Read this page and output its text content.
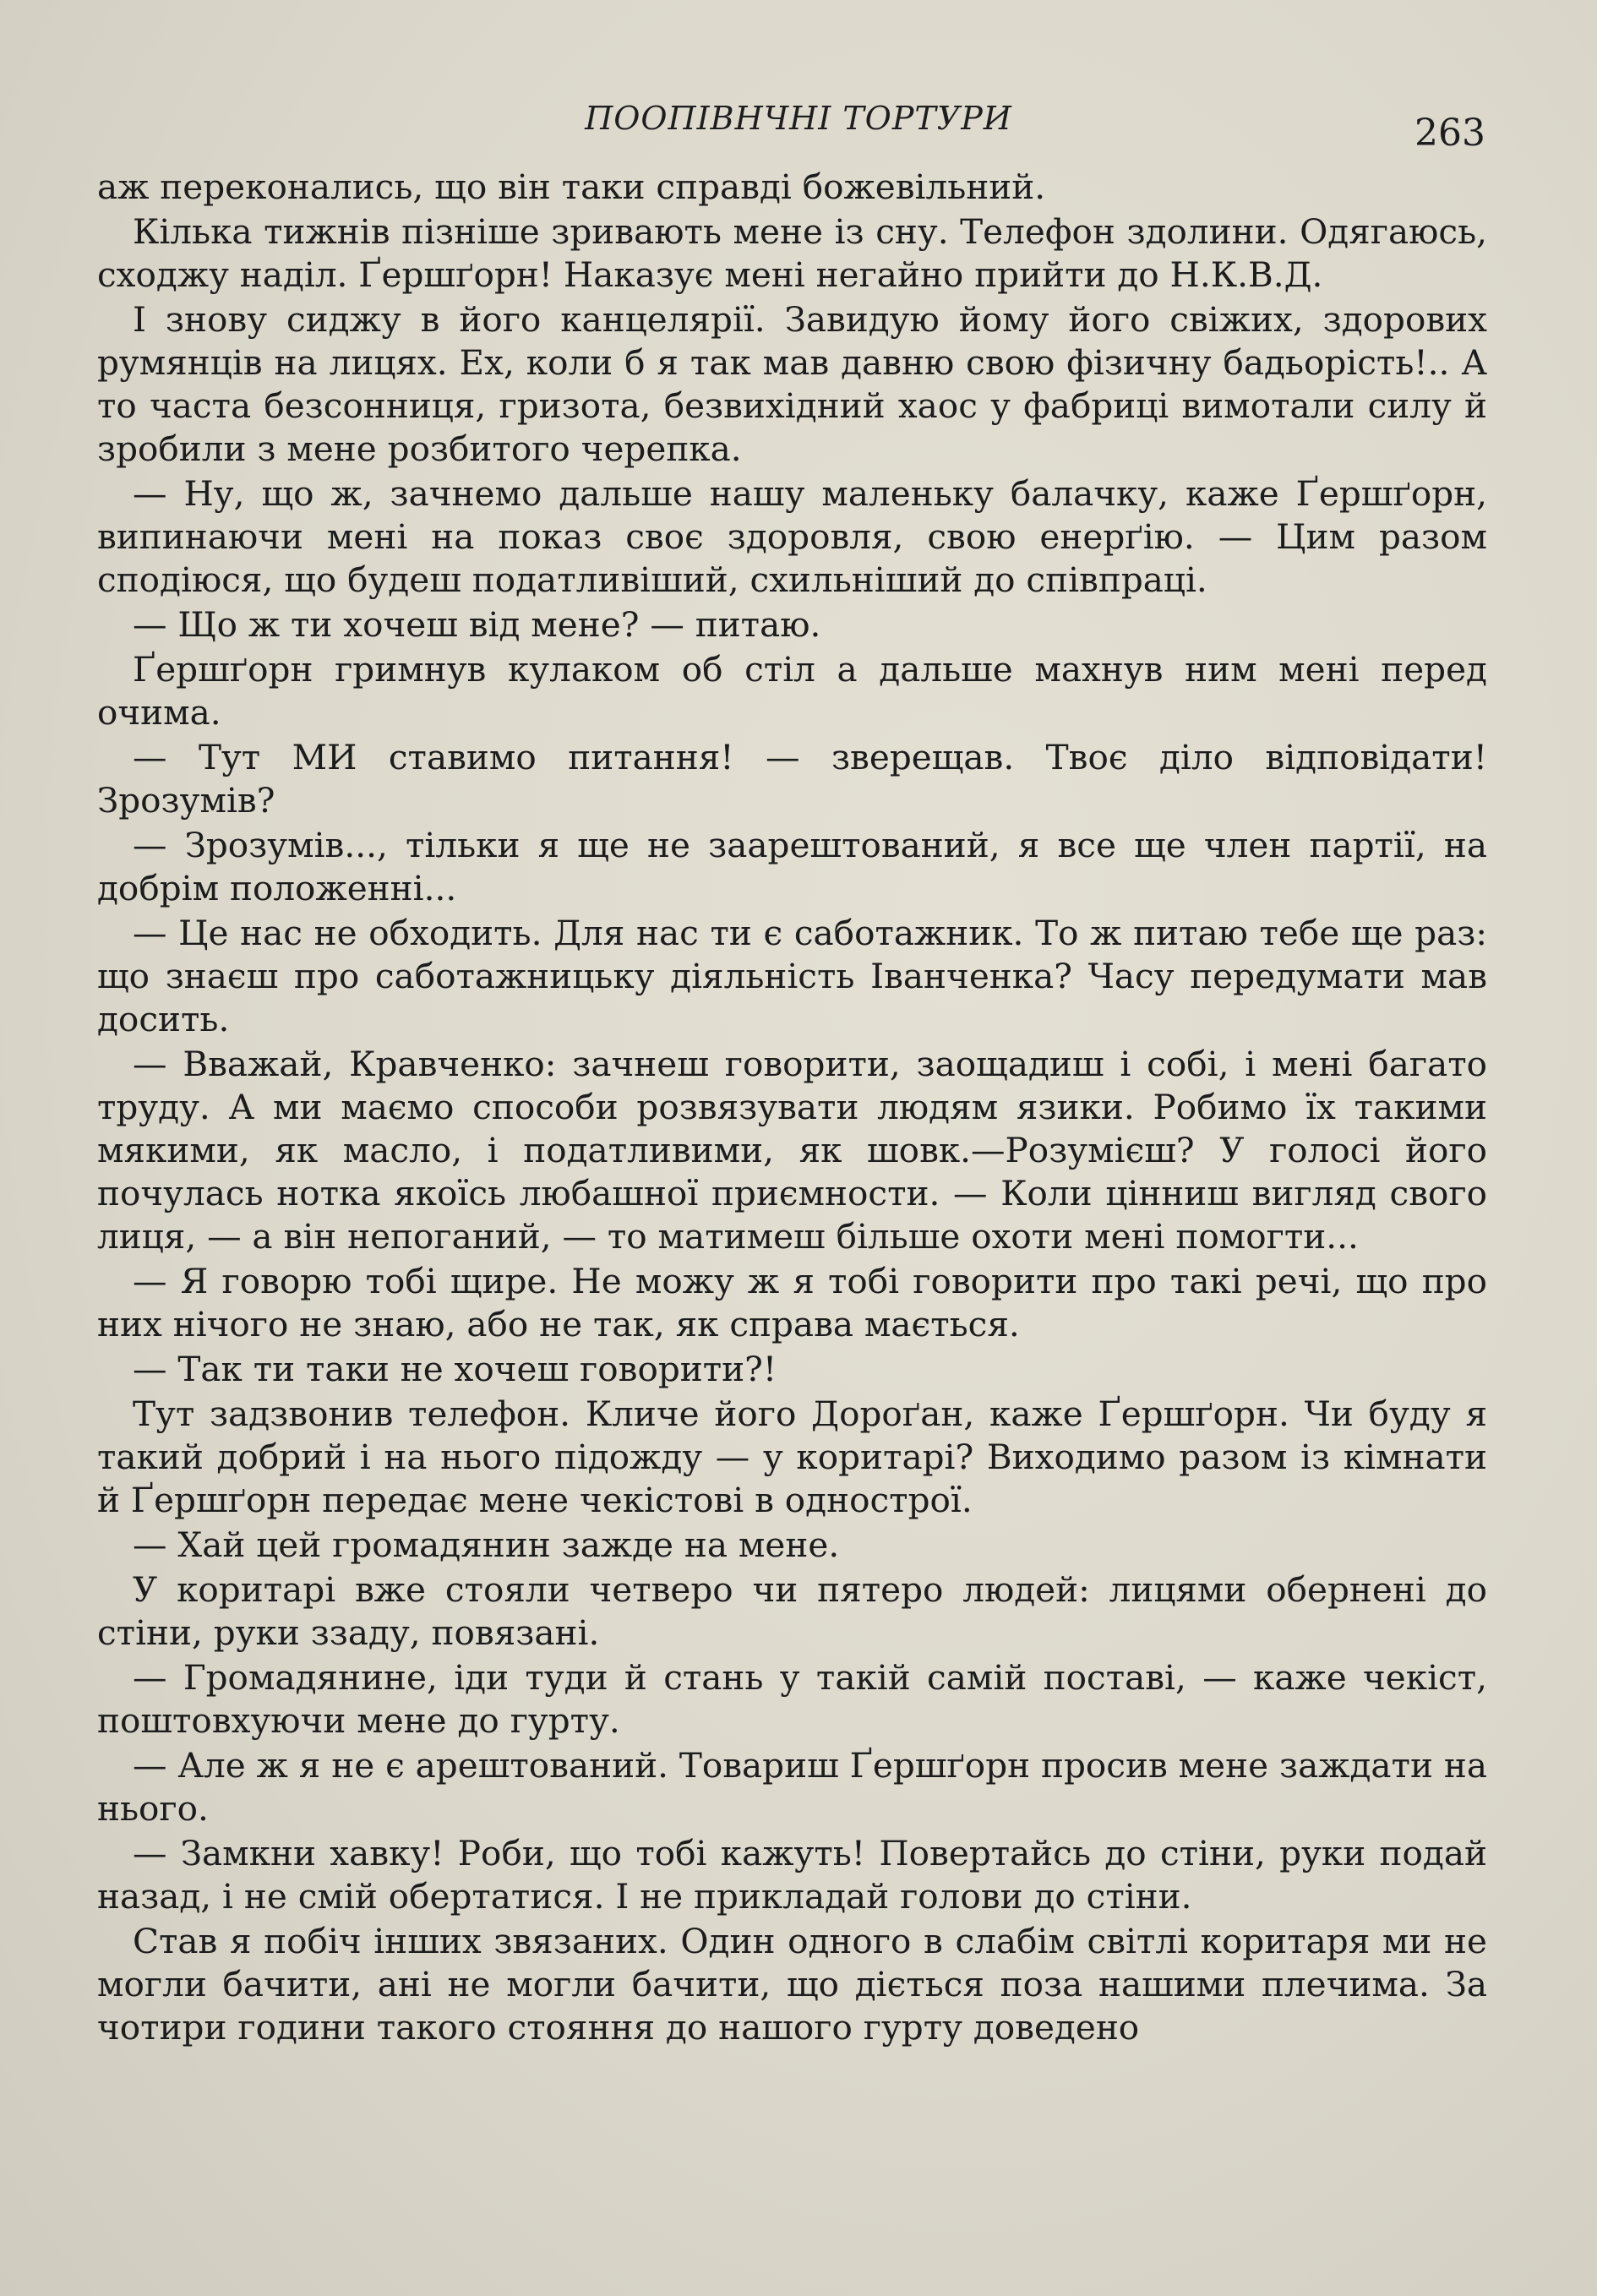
ПООПІВНЧНІ ТОРТУРИ	263

аж переконались, що він таки справді божевільний.

Кілька тижнів пізніше зривають мене із сну. Телефон здолини. Одягаюсь, сходжу наділ. Ґершґорн! Наказує мені негайно прийти до Н.К.В.Д.

І знову сиджу в його канцелярії. Завидую йому його свіжих, здорових румянців на лицях. Ех, коли б я так мав давню свою фізичну бадьорість!.. А то часта безсонниця, гризота, безвихідний хаос у фабриці вимотали силу й зробили з мене розбитого черепка.

— Ну, що ж, зачнемо дальше нашу маленьку балачку, каже Ґершґорн, випинаючи мені на показ своє здоровля, свою енерґію. — Цим разом сподіюся, що будеш податливіший, схильніший до співпраці.

— Що ж ти хочеш від мене? — питаю.

Ґершґорн гримнув кулаком об стіл а дальше махнув ним мені перед очима.

— Тут МИ ставимо питання! — зверещав. Твоє діло відповідати! Зрозумів?

— Зрозумів..., тільки я ще не заарештований, я все ще член партії, на добрім положенні...

— Це нас не обходить. Для нас ти є саботажник. То ж питаю тебе ще раз: що знаєш про саботажницьку діяльність Іванченка? Часу передумати мав досить.

— Вважай, Кравченко: зачнеш говорити, заощадиш і собі, і мені багато труду. А ми маємо способи розвязувати людям язики. Робимо їх такими мякими, як масло, і податливими, як шовк.—Розумієш? У голосі його почулась нотка якоїсь любашної приємности. — Коли цінниш вигляд свого лиця, — а він непоганий, — то матимеш більше охоти мені помогти...

— Я говорю тобі щире. Не можу ж я тобі говорити про такі речі, що про них нічого не знаю, або не так, як справа мається.

— Так ти таки не хочеш говорити?!

Тут задзвонив телефон. Кличе його Дороґан, каже Ґершґорн. Чи буду я такий добрий і на нього підожду — у коритарі? Виходимо разом із кімнати й Ґершґорн передає мене чекістові в однострої.

— Хай цей громадянин зажде на мене.

У коритарі вже стояли четверо чи пятеро людей: лицями обернені до стіни, руки ззаду, повязані.

— Громадянине, іди туди й стань у такій самій поставі, — каже чекіст, поштовхуючи мене до гурту.

— Але ж я не є арештований. Товариш Ґершґорн просив мене заждати на нього.

— Замкни хавку! Роби, що тобі кажуть! Повертайсь до стіни, руки подай назад, і не смій обертатися. І не прикладай голови до стіни.

Став я побіч інших звязаних. Один одного в слабім світлі коритаря ми не могли бачити, ані не могли бачити, що діється поза нашими плечима. За чотири години такого стояння до нашого гурту доведено
